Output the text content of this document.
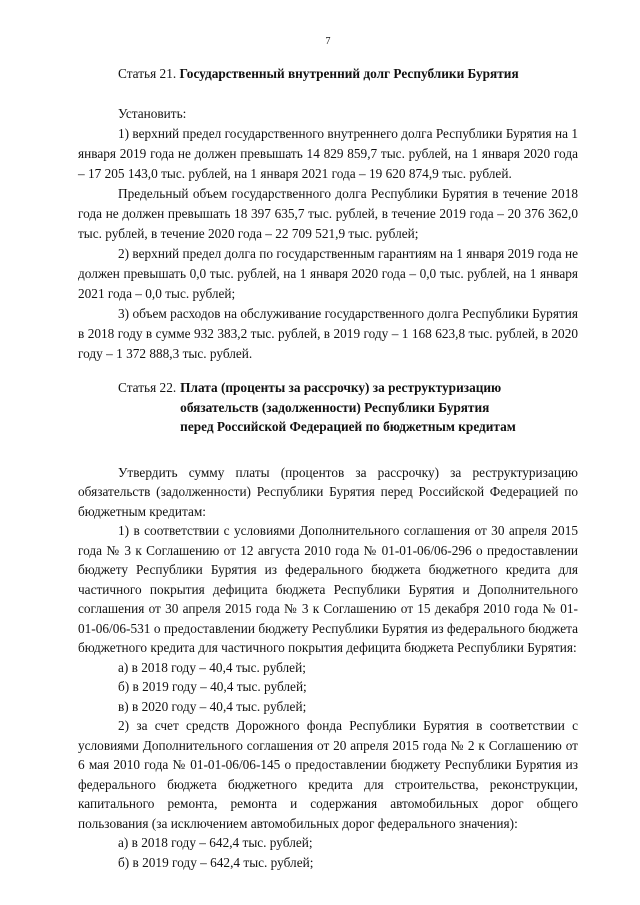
7
Статья 21. Государственный внутренний долг Республики Бурятия

Установить:

1) верхний предел государственного внутреннего долга Республики Бурятия на 1 января 2019 года не должен превышать 14 829 859,7 тыс. рублей, на 1 января 2020 года – 17 205 143,0 тыс. рублей, на 1 января 2021 года – 19 620 874,9 тыс. рублей.

Предельный объем государственного долга Республики Бурятия в течение 2018 года не должен превышать 18 397 635,7 тыс. рублей, в течение 2019 года – 20 376 362,0 тыс. рублей, в течение 2020 года – 22 709 521,9 тыс. рублей;

2) верхний предел долга по государственным гарантиям на 1 января 2019 года не должен превышать 0,0 тыс. рублей, на 1 января 2020 года – 0,0 тыс. рублей, на 1 января 2021 года – 0,0 тыс. рублей;

3) объем расходов на обслуживание государственного долга Республики Бурятия в 2018 году в сумме 932 383,2 тыс. рублей, в 2019 году – 1 168 623,8 тыс. рублей, в 2020 году – 1 372 888,3 тыс. рублей.

Статья 22. Плата (проценты за рассрочку) за реструктуризацию
обязательств (задолженности) Республики Бурятия
перед Российской Федерацией по бюджетным кредитам

Утвердить сумму платы (процентов за рассрочку) за реструктуризацию обязательств (задолженности) Республики Бурятия перед Российской Федерацией по бюджетным кредитам:

1) в соответствии с условиями Дополнительного соглашения от 30 апреля 2015 года № 3 к Соглашению от 12 августа 2010 года № 01-01-06/06-296 о предоставлении бюджету Республики Бурятия из федерального бюджета бюджетного кредита для частичного покрытия дефицита бюджета Республики Бурятия и Дополнительного соглашения от 30 апреля 2015 года № 3 к Соглашению от 15 декабря 2010 года № 01-01-06/06-531 о предоставлении бюджету Республики Бурятия из федерального бюджета бюджетного кредита для частичного покрытия дефицита бюджета Республики Бурятия:

а) в 2018 году – 40,4 тыс. рублей;

б) в 2019 году – 40,4 тыс. рублей;

в) в 2020 году – 40,4 тыс. рублей;

2) за счет средств Дорожного фонда Республики Бурятия в соответствии с условиями Дополнительного соглашения от 20 апреля 2015 года № 2 к Соглашению от 6 мая 2010 года № 01-01-06/06-145 о предоставлении бюджету Республики Бурятия из федерального бюджета бюджетного кредита для строительства, реконструкции, капитального ремонта, ремонта и содержания автомобильных дорог общего пользования (за исключением автомобильных дорог федерального значения):

а) в 2018 году – 642,4 тыс. рублей;

б) в 2019 году – 642,4 тыс. рублей;
